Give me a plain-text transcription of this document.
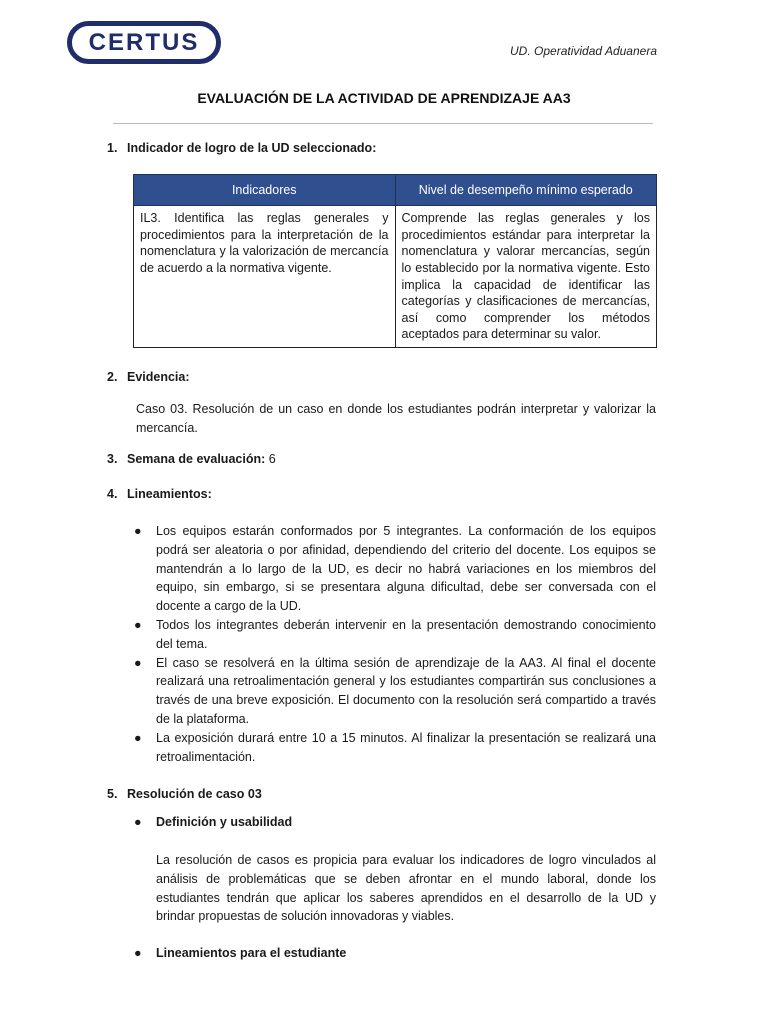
CERTUS	UD. Operatividad Aduanera
EVALUACIÓN DE LA ACTIVIDAD DE APRENDIZAJE AA3
1. Indicador de logro de la UD seleccionado:
Indicadores	Nivel de desempeño mínimo esperado
IL3. Identifica las reglas generales y procedimientos para la interpretación de la nomenclatura y la valorización de mercancía de acuerdo a la normativa vigente.	Comprende las reglas generales y los procedimientos estándar para interpretar la nomenclatura y valorar mercancías, según lo establecido por la normativa vigente. Esto implica la capacidad de identificar las categorías y clasificaciones de mercancías, así como comprender los métodos aceptados para determinar su valor.
2. Evidencia:
Caso 03. Resolución de un caso en donde los estudiantes podrán interpretar y valorizar la mercancía.
3. Semana de evaluación: 6
4. Lineamientos:
● Los equipos estarán conformados por 5 integrantes. La conformación de los equipos podrá ser aleatoria o por afinidad, dependiendo del criterio del docente. Los equipos se mantendrán a lo largo de la UD, es decir no habrá variaciones en los miembros del equipo, sin embargo, si se presentara alguna dificultad, debe ser conversada con el docente a cargo de la UD.
● Todos los integrantes deberán intervenir en la presentación demostrando conocimiento del tema.
● El caso se resolverá en la última sesión de aprendizaje de la AA3. Al final el docente realizará una retroalimentación general y los estudiantes compartirán sus conclusiones a través de una breve exposición. El documento con la resolución será compartido a través de la plataforma.
● La exposición durará entre 10 a 15 minutos. Al finalizar la presentación se realizará una retroalimentación.
5. Resolución de caso 03
● Definición y usabilidad
La resolución de casos es propicia para evaluar los indicadores de logro vinculados al análisis de problemáticas que se deben afrontar en el mundo laboral, donde los estudiantes tendrán que aplicar los saberes aprendidos en el desarrollo de la UD y brindar propuestas de solución innovadoras y viables.
● Lineamientos para el estudiante
